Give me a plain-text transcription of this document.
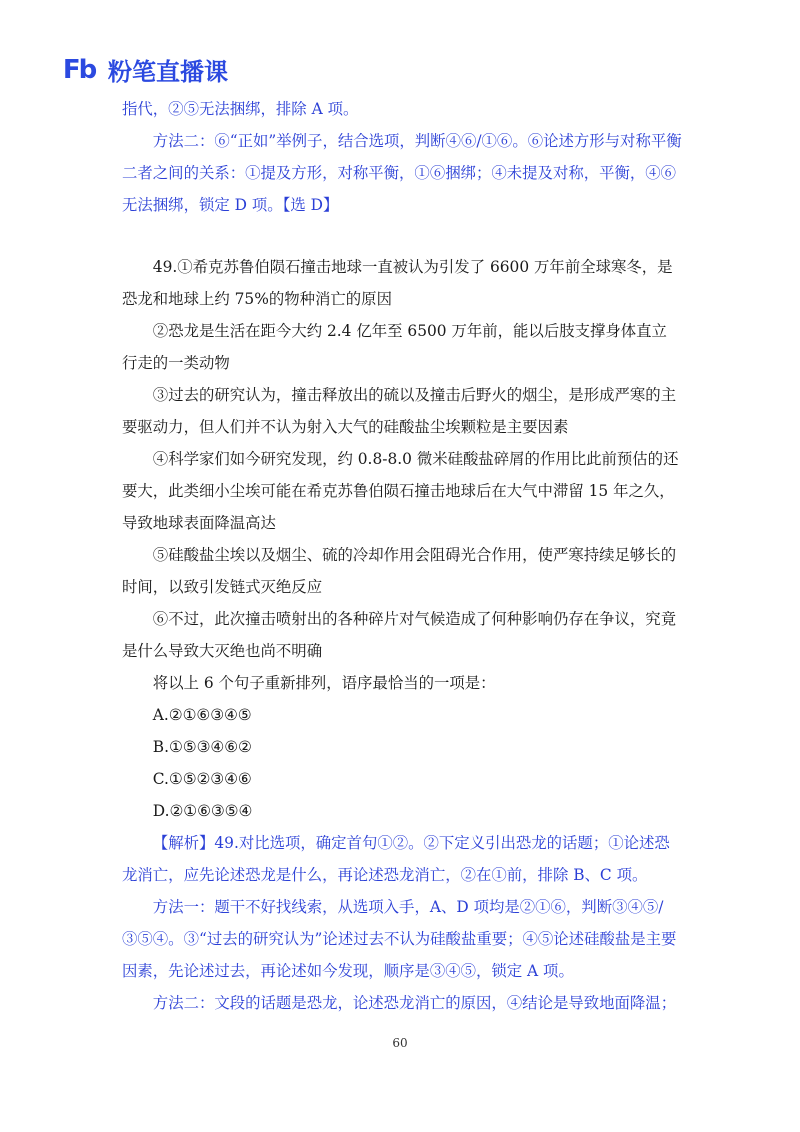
Fb 粉笔直播课

指代，②⑤无法捆绑，排除 A 项。

方法二：⑥“正如”举例子，结合选项，判断④⑥/①⑥。⑥论述方形与对称平衡二者之间的关系：①提及方形，对称平衡，①⑥捆绑；④未提及对称，平衡，④⑥无法捆绑，锁定 D 项。【选 D】

49.①希克苏鲁伯陨石撞击地球一直被认为引发了 6600 万年前全球寒冬，是恐龙和地球上约 75%的物种消亡的原因

②恐龙是生活在距今大约 2.4 亿年至 6500 万年前，能以后肢支撑身体直立行走的一类动物

③过去的研究认为，撞击释放出的硫以及撞击后野火的烟尘，是形成严寒的主要驱动力，但人们并不认为射入大气的硅酸盐尘埃颗粒是主要因素

④科学家们如今研究发现，约 0.8-8.0 微米硅酸盐碎屑的作用比此前预估的还要大，此类细小尘埃可能在希克苏鲁伯陨石撞击地球后在大气中滞留 15 年之久，导致地球表面降温高达

⑤硅酸盐尘埃以及烟尘、硫的冷却作用会阻碍光合作用，使严寒持续足够长的时间，以致引发链式灭绝反应

⑥不过，此次撞击喷射出的各种碎片对气候造成了何种影响仍存在争议，究竟是什么导致大灭绝也尚不明确

将以上 6 个句子重新排列，语序最恰当的一项是：

A.②①⑥③④⑤

B.①⑤③④⑥②

C.①⑤②③④⑥

D.②①⑥③⑤④

【解析】49.对比选项，确定首句①②。②下定义引出恐龙的话题；①论述恐龙消亡，应先论述恐龙是什么，再论述恐龙消亡，②在①前，排除 B、C 项。

方法一：题干不好找线索，从选项入手，A、D 项均是②①⑥，判断③④⑤/③⑤④。③“过去的研究认为”论述过去不认为硅酸盐重要；④⑤论述硅酸盐是主要因素，先论述过去，再论述如今发现，顺序是③④⑤，锁定 A 项。

方法二：文段的话题是恐龙，论述恐龙消亡的原因，④结论是导致地面降温；

60
